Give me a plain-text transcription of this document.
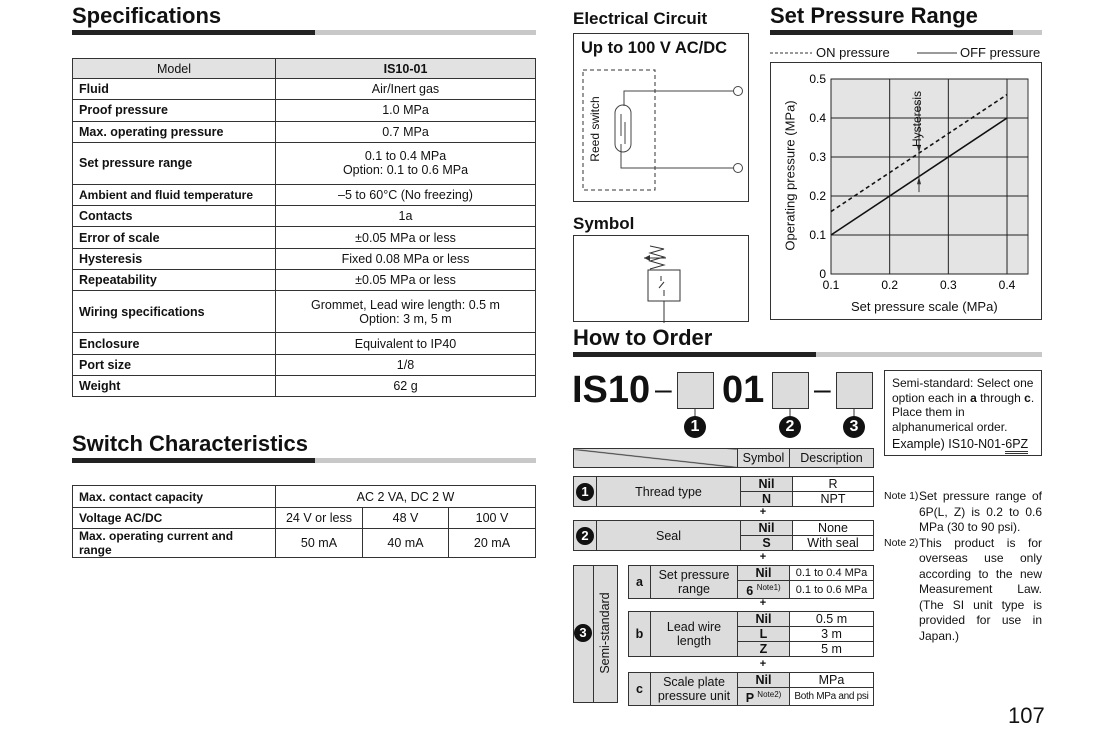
Specifications
Model	IS10-01
Fluid	Air/Inert gas

Proof pressure	1.0 MPa

Max. operating pressure	0.7 MPa

Set pressure range	0.1 to 0.4 MPa
Option: 0.1 to 0.6 MPa

Ambient and fluid temperature	–5 to 60°C (No freezing)

Contacts	1a

Error of scale	±0.05 MPa or less

Hysteresis	Fixed 0.08 MPa or less

Repeatability	±0.05 MPa or less

Wiring specifications	Grommet, Lead wire length: 0.5 m
Option: 3 m, 5 m

Enclosure	Equivalent to IP40

Port size	1/8

Weight	62 g
Switch Characteristics
Max. contact capacity	AC 2 VA, DC 2 W		
Voltage AC/DC	24 V or less	48 V	100 V
Max. operating current and range	50 mA	40 mA	20 mA
Electrical Circuit
Up to 100 V AC/DC
Reed switch
Symbol
Set Pressure Range
ON pressure	OFF pressure
0
0.1
0.2
0.3
0.4
0.5
0.1	0.2	0.3	0.4
Operating pressure (MPa)
Set pressure scale (MPa)
Hysteresis
How to Order
IS10 – 01 –
1	2	3
Semi-standard: Select one option each in a through c. Place them in alphanumerical order.
Example) IS10-N01-6PZ
	Symbol	Description
1	Thread type	Nil	R
		N	NPT
+
2	Seal	Nil	None
		S	With seal
+
3 Semi-standard
a	Set pressure range	Nil	0.1 to 0.4 MPa
		6 $^{Note1)}$	0.1 to 0.6 MPa
+
b	Lead wire length	Nil	0.5 m
		L	3 m
		Z	5 m
+
c	Scale plate pressure unit	Nil	MPa
		P $^{Note2)}$	Both MPa and psi
Note 1) Set pressure range of 6P(L, Z) is 0.2 to 0.6 MPa (30 to 90 psi).
Note 2) This product is for overseas use only according to the new Measurement Law. (The SI unit type is provided for use in Japan.)
107
